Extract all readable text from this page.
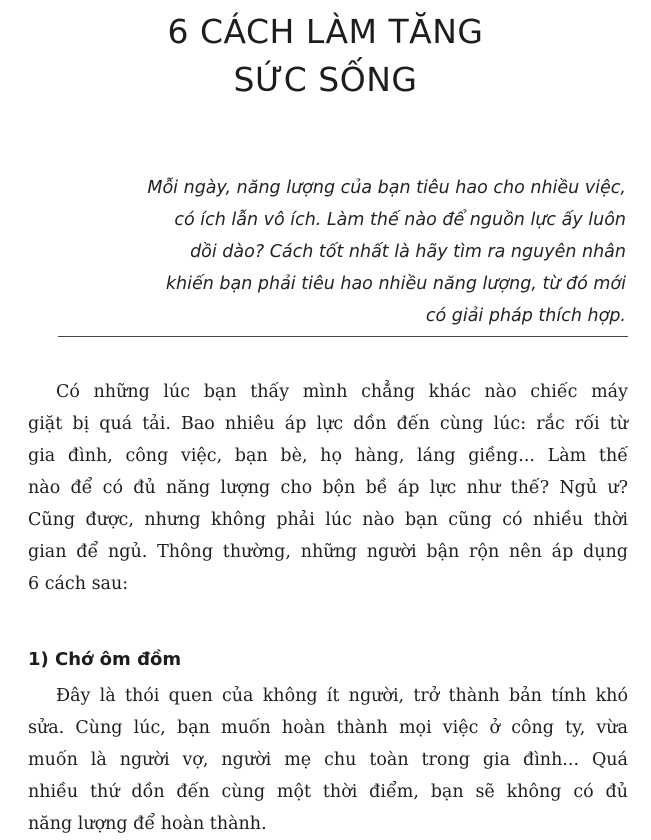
6 CÁCH LÀM TĂNG
SỨC SỐNG
Mỗi ngày, năng lượng của bạn tiêu hao cho nhiều việc,
có ích lẫn vô ích. Làm thế nào để nguồn lực ấy luôn
dồi dào? Cách tốt nhất là hãy tìm ra nguyên nhân
khiến bạn phải tiêu hao nhiều năng lượng, từ đó mới
có giải pháp thích hợp.
Có những lúc bạn thấy mình chẳng khác nào chiếc máy
giặt bị quá tải. Bao nhiêu áp lực dồn đến cùng lúc: rắc rối từ
gia đình, công việc, bạn bè, họ hàng, láng giềng... Làm thế
nào để có đủ năng lượng cho bộn bề áp lực như thế? Ngủ ư?
Cũng được, nhưng không phải lúc nào bạn cũng có nhiều thời
gian để ngủ. Thông thường, những người bận rộn nên áp dụng
6 cách sau:
1) Chớ ôm đồm
Đây là thói quen của không ít người, trở thành bản tính khó
sửa. Cùng lúc, bạn muốn hoàn thành mọi việc ở công ty, vừa
muốn là người vợ, người mẹ chu toàn trong gia đình... Quá
nhiều thứ dồn đến cùng một thời điểm, bạn sẽ không có đủ
năng lượng để hoàn thành.
